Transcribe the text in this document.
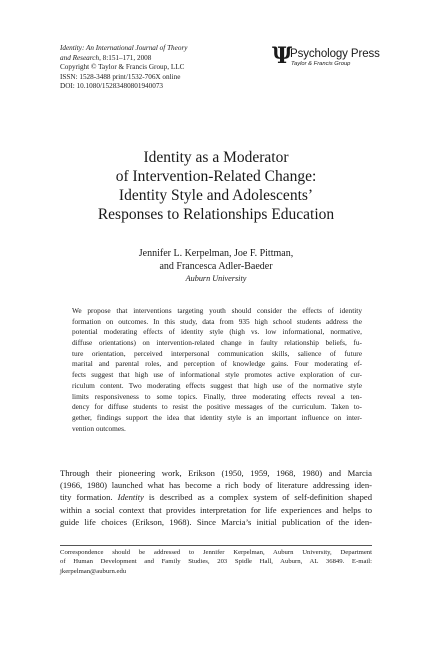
Identity: An International Journal of Theory
and Research, 8:151–171, 2008
Copyright © Taylor & Francis Group, LLC
ISSN: 1528-3488 print/1532-706X online
DOI: 10.1080/15283480801940073
Ψ
Psychology Press
Taylor & Francis Group
Identity as a Moderator
of Intervention-Related Change:
Identity Style and Adolescents’
Responses to Relationships Education
Jennifer L. Kerpelman, Joe F. Pittman,
and Francesca Adler-Baeder
Auburn University
We propose that interventions targeting youth should consider the effects of identity
formation on outcomes. In this study, data from 935 high school students address the
potential moderating effects of identity style (high vs. low informational, normative,
diffuse orientations) on intervention-related change in faulty relationship beliefs, fu-
ture orientation, perceived interpersonal communication skills, salience of future
marital and parental roles, and perception of knowledge gains. Four moderating ef-
fects suggest that high use of informational style promotes active exploration of cur-
riculum content. Two moderating effects suggest that high use of the normative style
limits responsiveness to some topics. Finally, three moderating effects reveal a ten-
dency for diffuse students to resist the positive messages of the curriculum. Taken to-
gether, findings support the idea that identity style is an important influence on inter-
vention outcomes.
Through their pioneering work, Erikson (1950, 1959, 1968, 1980) and Marcia
(1966, 1980) launched what has become a rich body of literature addressing iden-
tity formation. Identity is described as a complex system of self-definition shaped
within a social context that provides interpretation for life experiences and helps to
guide life choices (Erikson, 1968). Since Marcia’s initial publication of the iden-
Correspondence should be addressed to Jennifer Kerpelman, Auburn University, Department
of Human Development and Family Studies, 203 Spidle Hall, Auburn, AL 36849. E-mail:
jkerpelman@auburn.edu
